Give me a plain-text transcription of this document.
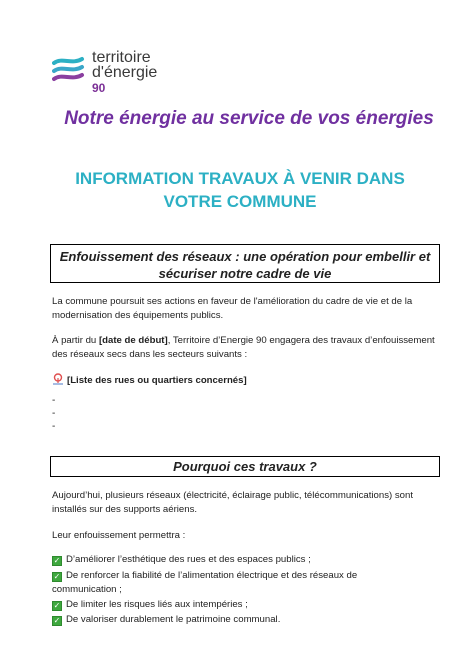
territoire
d'énergie
90
Notre énergie au service de vos énergies
INFORMATION TRAVAUX À VENIR DANS
VOTRE COMMUNE
Enfouissement des réseaux : une opération pour embellir et sécuriser notre cadre de vie
La commune poursuit ses actions en faveur de l'amélioration du cadre de vie et de la modernisation des équipements publics.
À partir du [date de début], Territoire d’Energie 90 engagera des travaux d’enfouissement des réseaux secs dans les secteurs suivants :
[Liste des rues ou quartiers concernés]
-
-
-
Pourquoi ces travaux ?
Aujourd’hui, plusieurs réseaux (électricité, éclairage public, télécommunications) sont installés sur des supports aériens.
Leur enfouissement permettra :
✓ D’améliorer l’esthétique des rues et des espaces publics ;
✓ De renforcer la fiabilité de l’alimentation électrique et des réseaux de
communication ;
✓ De limiter les risques liés aux intempéries ;
✓ De valoriser durablement le patrimoine communal.
